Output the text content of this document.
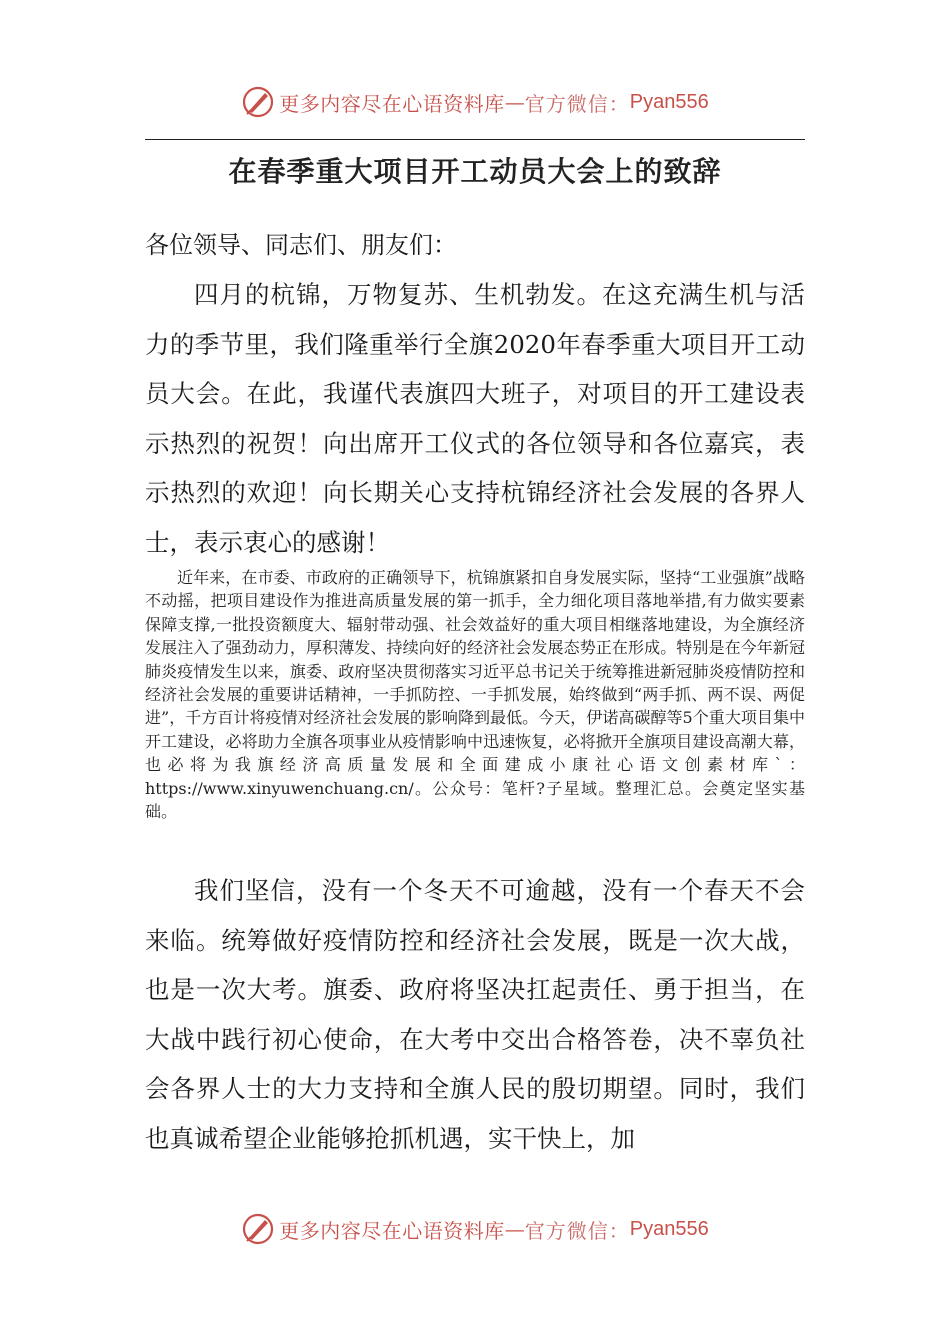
更多内容尽在心语资料库 — 官方微信： Pyan556
在春季重大项目开工动员大会上的致辞
各位领导、同志们、朋友们：
四月的杭锦，万物复苏、生机勃发。在这充满生机与活力的季节里，我们隆重举行全旗2020年春季重大项目开工动员大会。在此，我谨代表旗四大班子，对项目的开工建设表示热烈的祝贺！向出席开工仪式的各位领导和各位嘉宾，表示热烈的欢迎！向长期关心支持杭锦经济社会发展的各界人士，表示衷心的感谢！
近年来，在市委、市政府的正确领导下，杭锦旗紧扣自身发展实际，坚持“工业强旗”战略不动摇，把项目建设作为推进高质量发展的第一抓手，全力细化项目落地举措,有力做实要素保障支撑,一批投资额度大、辐射带动强、社会效益好的重大项目相继落地建设，为全旗经济发展注入了强劲动力，厚积薄发、持续向好的经济社会发展态势正在形成。特别是在今年新冠肺炎疫情发生以来，旗委、政府坚决贯彻落实习近平总书记关于统筹推进新冠肺炎疫情防控和经济社会发展的重要讲话精神，一手抓防控、一手抓发展，始终做到“两手抓、两不误、两促进”，千方百计将疫情对经济社会发展的影响降到最低。今天，伊诺高碳醇等5个重大项目集中开工建设，必将助力全旗各项事业从疫情影响中迅速恢复，必将掀开全旗项目建设高潮大幕，也必将为我旗经济高质量发展和全面建成小康社心语文创素材库`：https://www.xinyuwenchuang.cn/。公众号：笔杆?子星域。整理汇总。会奠定坚实基础。
我们坚信，没有一个冬天不可逾越，没有一个春天不会来临。统筹做好疫情防控和经济社会发展，既是一次大战，也是一次大考。旗委、政府将坚决扛起责任、勇于担当，在大战中践行初心使命，在大考中交出合格答卷，决不辜负社会各界人士的大力支持和全旗人民的殷切期望。同时，我们也真诚希望企业能够抢抓机遇，实干快上，加
更多内容尽在心语资料库 — 官方微信： Pyan556
